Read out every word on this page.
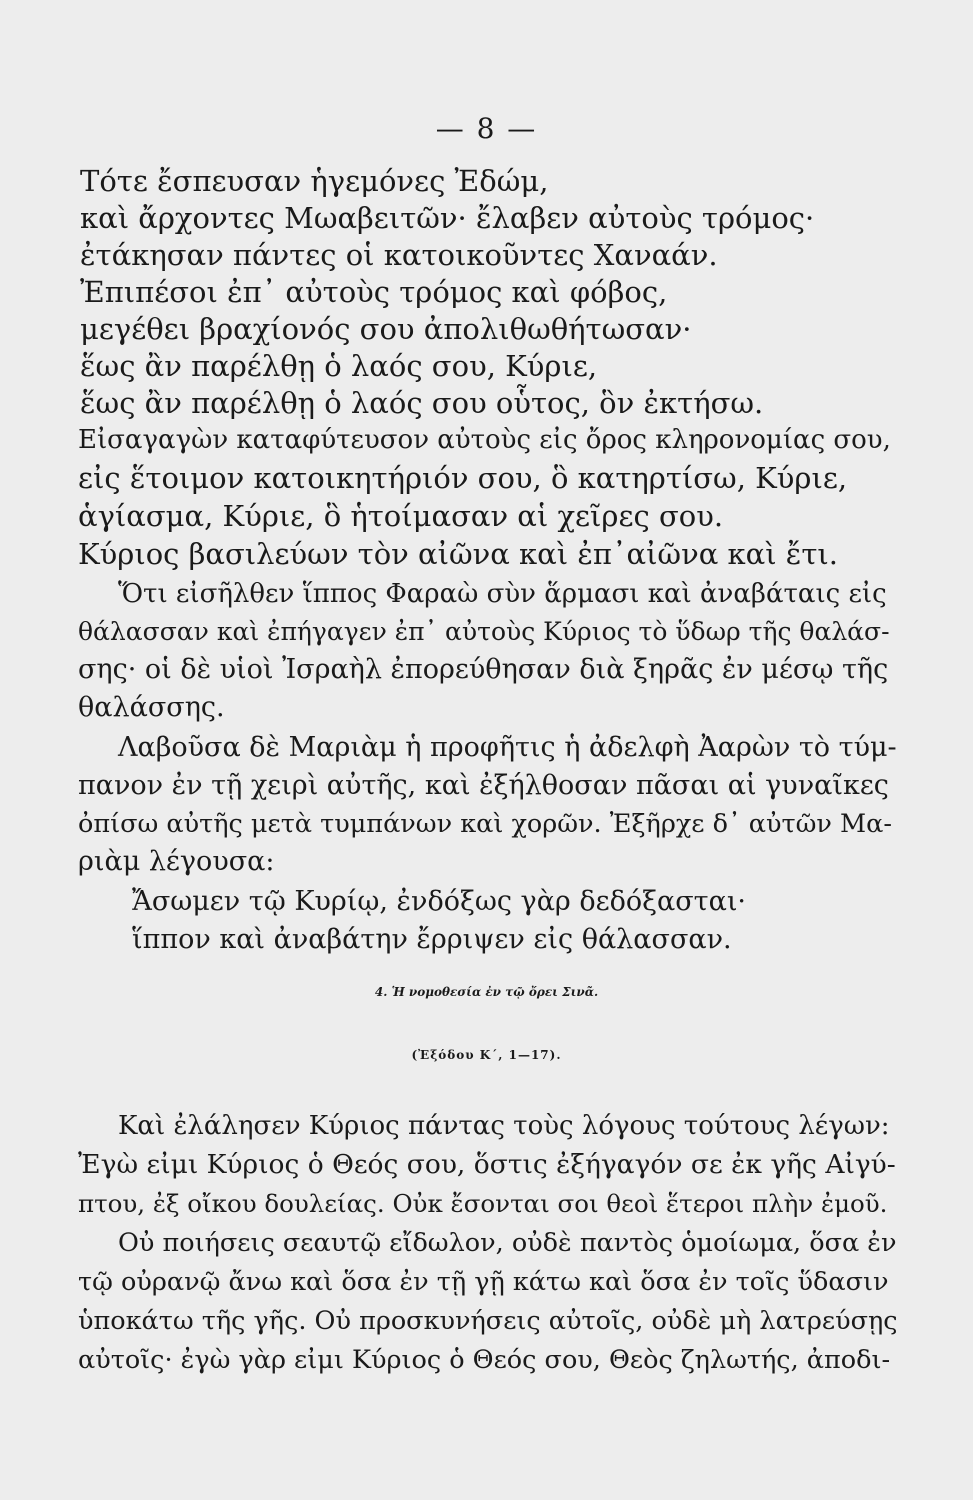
— 8 —
Τότε ἔσπευσαν ἡγεμόνες Ἐδώμ,
καὶ ἄρχοντες Μωαβειτῶν· ἔλαβεν αὐτοὺς τρόμος·
ἐτάκησαν πάντες οἱ κατοικοῦντες Χαναάν.
Ἐπιπέσοι ἐπ᾽ αὐτοὺς τρόμος καὶ φόβος,
μεγέθει βραχίονός σου ἀπολιθωθήτωσαν·
ἕως ἂν παρέλθῃ ὁ λαός σου, Κύριε,
ἕως ἂν παρέλθῃ ὁ λαός σου οὗτος, ὃν ἐκτήσω.
Εἰσαγαγὼν καταφύτευσον αὐτοὺς εἰς ὄρος κληρονομίας σου,
εἰς ἕτοιμον κατοικητήριόν σου, ὃ κατηρτίσω, Κύριε,
ἁγίασμα, Κύριε, ὃ ἡτοίμασαν αἱ χεῖρες σου.
Κύριος βασιλεύων τὸν αἰῶνα καὶ ἐπ᾽αἰῶνα καὶ ἔτι.
Ὅτι εἰσῆλθεν ἵππος Φαραὼ σὺν ἅρμασι καὶ ἀναβάταις εἰς
θάλασσαν καὶ ἐπήγαγεν ἐπ᾽ αὐτοὺς Κύριος τὸ ὕδωρ τῆς θαλάσ-
σης· οἱ δὲ υἱοὶ Ἰσραὴλ ἐπορεύθησαν διὰ ξηρᾶς ἐν μέσῳ τῆς
θαλάσσης.
Λαβοῦσα δὲ Μαριὰμ ἡ προφῆτις ἡ ἀδελφὴ Ἀαρὼν τὸ τύμ-
πανον ἐν τῇ χειρὶ αὐτῆς, καὶ ἐξήλθοσαν πᾶσαι αἱ γυναῖκες
ὀπίσω αὐτῆς μετὰ τυμπάνων καὶ χορῶν. Ἐξῆρχε δ᾽ αὐτῶν Μα-
ριὰμ λέγουσα:
Ἄσωμεν τῷ Κυρίῳ, ἐνδόξως γὰρ δεδόξασται·
ἵππον καὶ ἀναβάτην ἔρριψεν εἰς θάλασσαν.
4. Ἡ νομοθεσία ἐν τῷ ὄρει Σινᾶ.
(Ἐξόδου Κ΄, 1—17).
Καὶ ἐλάλησεν Κύριος πάντας τοὺς λόγους τούτους λέγων:
Ἐγὼ εἰμι Κύριος ὁ Θεός σου, ὅστις ἐξήγαγόν σε ἐκ γῆς Αἰγύ-
πτου, ἐξ οἴκου δουλείας. Οὐκ ἔσονται σοι θεοὶ ἕτεροι πλὴν ἐμοῦ.
Οὐ ποιήσεις σεαυτῷ εἴδωλον, οὐδὲ παντὸς ὁμοίωμα, ὅσα ἐν
τῷ οὐρανῷ ἄνω καὶ ὅσα ἐν τῇ γῇ κάτω καὶ ὅσα ἐν τοῖς ὕδασιν
ὑποκάτω τῆς γῆς. Οὐ προσκυνήσεις αὐτοῖς, οὐδὲ μὴ λατρεύσῃς
αὐτοῖς· ἐγὼ γὰρ εἰμι Κύριος ὁ Θεός σου, Θεὸς ζηλωτής, ἀποδι-
